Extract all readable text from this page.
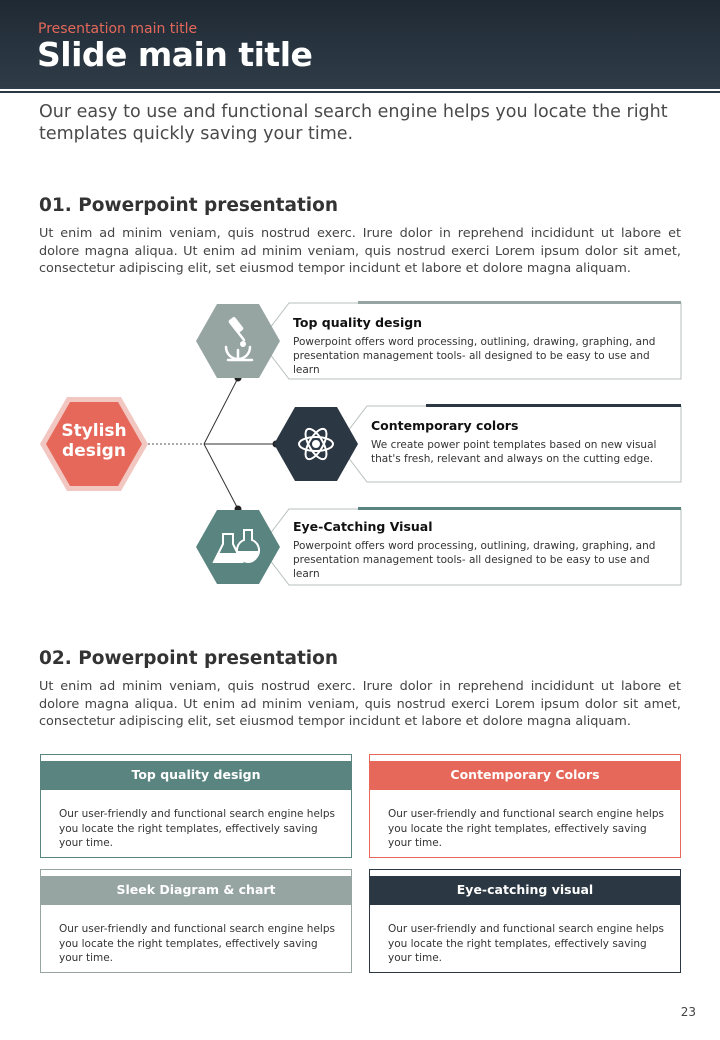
Presentation main title
Slide main title
Our easy to use and functional search engine helps you locate the right templates quickly saving your time.
01. Powerpoint presentation
Ut enim ad minim veniam, quis nostrud exerc. Irure dolor in reprehend incididunt ut labore et dolore magna aliqua. Ut enim ad minim veniam, quis nostrud exerci Lorem ipsum dolor sit amet, consectetur adipiscing elit, set eiusmod tempor incidunt et labore et dolore magna aliquam.
Stylish
design
Top quality design
Powerpoint offers word processing, outlining, drawing, graphing, and presentation management tools- all designed to be easy to use and learn
Contemporary colors
We create power point templates based on new visual that's fresh, relevant and always on the cutting edge.
Eye-Catching Visual
Powerpoint offers word processing, outlining, drawing, graphing, and presentation management tools- all designed to be easy to use and learn
02. Powerpoint presentation
Ut enim ad minim veniam, quis nostrud exerc. Irure dolor in reprehend incididunt ut labore et dolore magna aliqua. Ut enim ad minim veniam, quis nostrud exerci Lorem ipsum dolor sit amet, consectetur adipiscing elit, set eiusmod tempor incidunt et labore et dolore magna aliquam.
Top quality design
Our user-friendly and functional search engine helps you locate the right templates, effectively saving your time.
Contemporary Colors
Our user-friendly and functional search engine helps you locate the right templates, effectively saving your time.
Sleek Diagram & chart
Our user-friendly and functional search engine helps you locate the right templates, effectively saving your time.
Eye-catching visual
Our user-friendly and functional search engine helps you locate the right templates, effectively saving your time.
23
